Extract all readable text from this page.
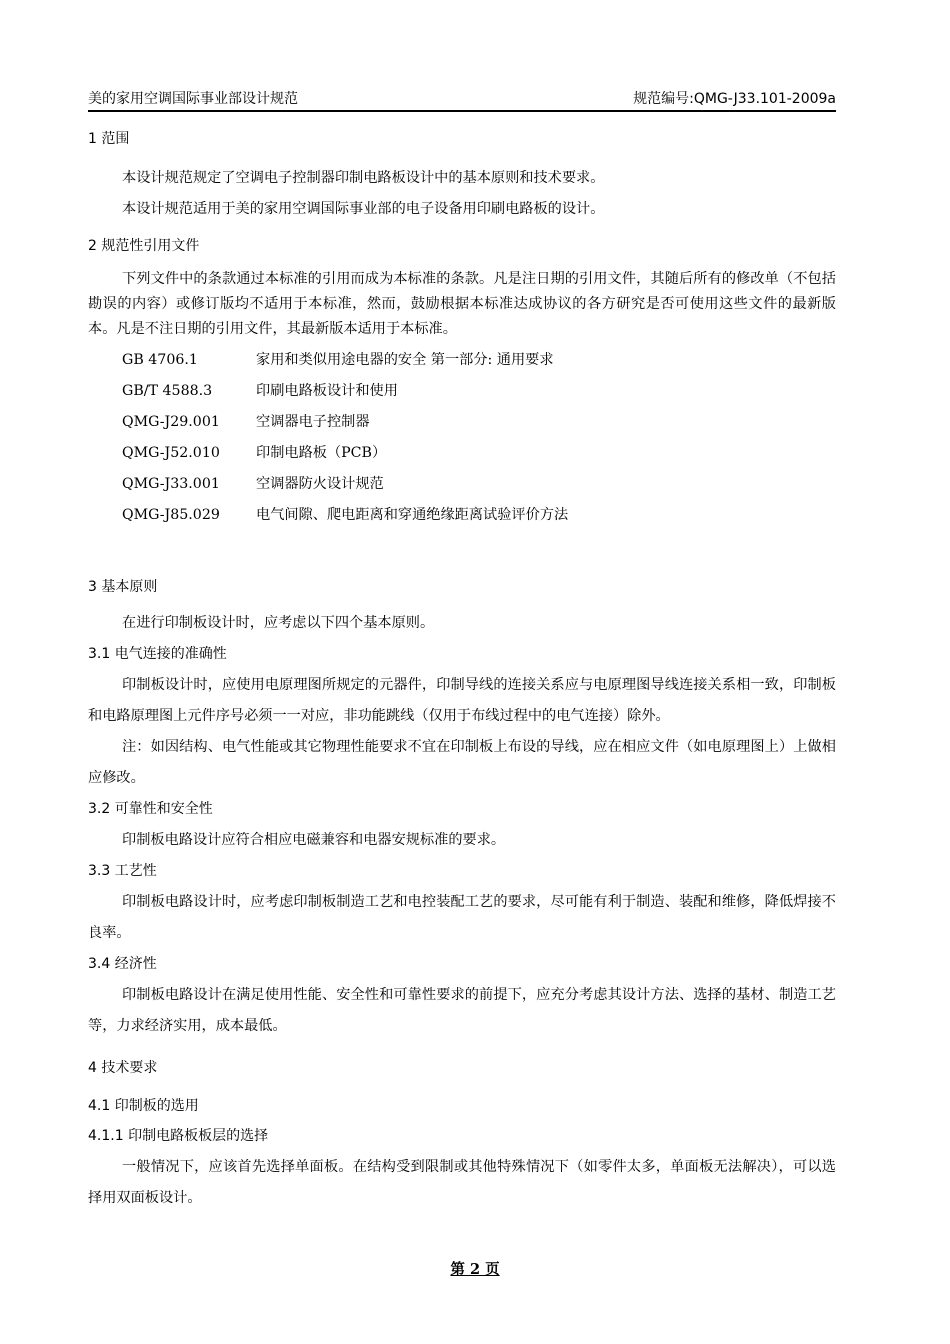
美的家用空调国际事业部设计规范	规范编号:QMG-J33.101-2009a

1 范围

本设计规范规定了空调电子控制器印制电路板设计中的基本原则和技术要求。

本设计规范适用于美的家用空调国际事业部的电子设备用印刷电路板的设计。

2 规范性引用文件

下列文件中的条款通过本标准的引用而成为本标准的条款。凡是注日期的引用文件，其随后所有的修改单（不包括勘误的内容）或修订版均不适用于本标准，然而，鼓励根据本标准达成协议的各方研究是否可使用这些文件的最新版本。凡是不注日期的引用文件，其最新版本适用于本标准。

GB 4706.1	家用和类似用途电器的安全 第一部分: 通用要求
GB/T 4588.3	印刷电路板设计和使用
QMG-J29.001	空调器电子控制器
QMG-J52.010	印制电路板（PCB）
QMG-J33.001	空调器防火设计规范
QMG-J85.029	电气间隙、爬电距离和穿通绝缘距离试验评价方法

3 基本原则

在进行印制板设计时，应考虑以下四个基本原则。

3.1 电气连接的准确性

印制板设计时，应使用电原理图所规定的元器件，印制导线的连接关系应与电原理图导线连接关系相一致，印制板和电路原理图上元件序号必须一一对应，非功能跳线（仅用于布线过程中的电气连接）除外。

注：如因结构、电气性能或其它物理性能要求不宜在印制板上布设的导线，应在相应文件（如电原理图上）上做相应修改。

3.2 可靠性和安全性

印制板电路设计应符合相应电磁兼容和电器安规标准的要求。

3.3 工艺性

印制板电路设计时，应考虑印制板制造工艺和电控装配工艺的要求，尽可能有利于制造、装配和维修，降低焊接不良率。

3.4 经济性

印制板电路设计在满足使用性能、安全性和可靠性要求的前提下，应充分考虑其设计方法、选择的基材、制造工艺等，力求经济实用，成本最低。

4 技术要求

4.1 印制板的选用

4.1.1 印制电路板板层的选择

一般情况下，应该首先选择单面板。在结构受到限制或其他特殊情况下（如零件太多，单面板无法解决），可以选择用双面板设计。

第 2 页
